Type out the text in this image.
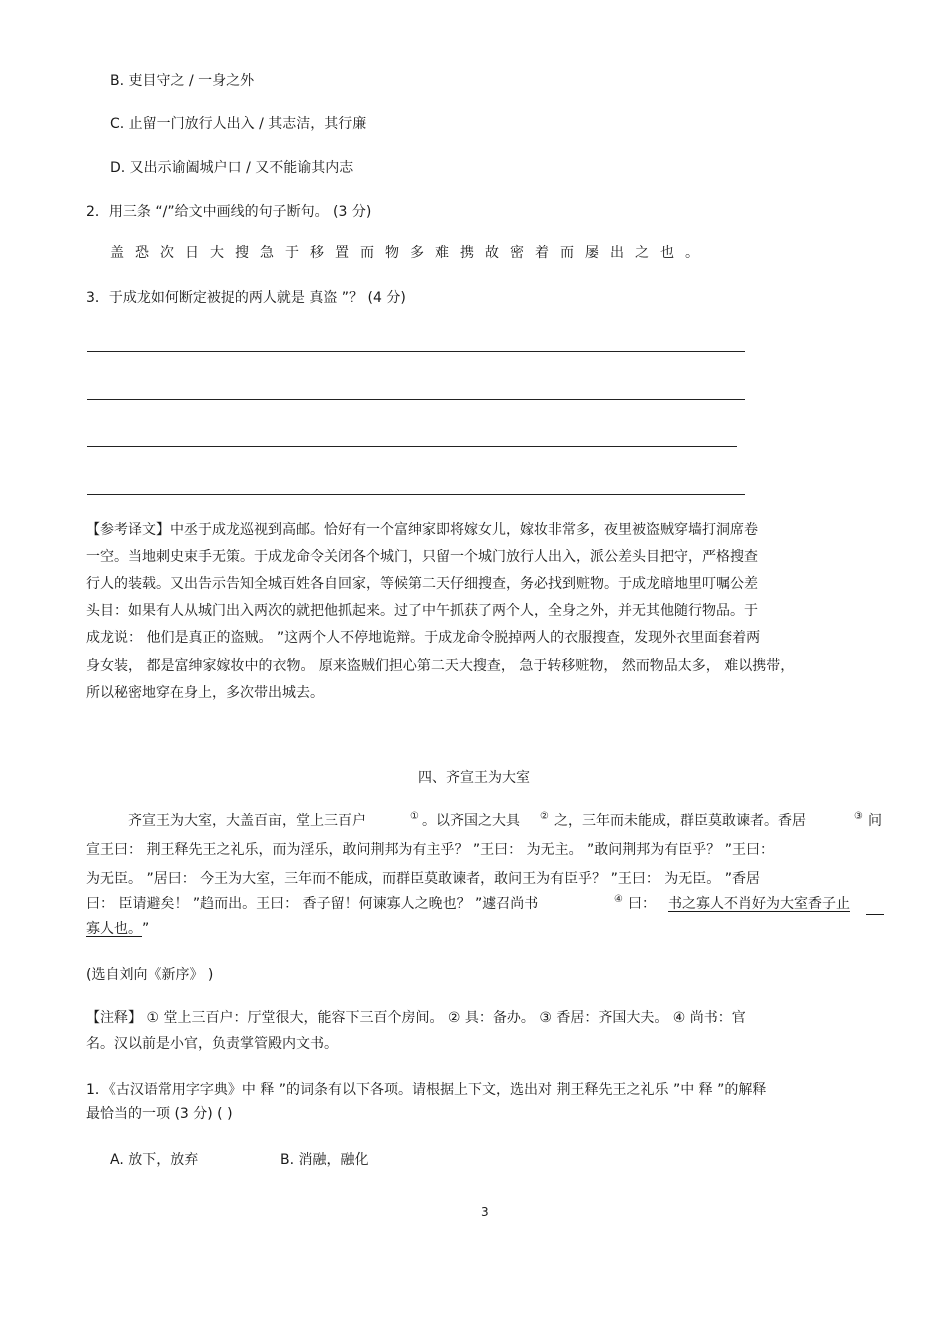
B. 吏目守之 / 一身之外
C. 止留一门放行人出入 / 其志洁，其行廉
D. 又出示谕阖城户口 / 又不能谕其内志
2．用三条 “/”给文中画线的句子断句。 (3 分)
盖恐次日大搜急于移置而物多难携故密着而屡出之也。
3．于成龙如何断定被捉的两人就是 真盗 ”？ (4 分)
【参考译文】中丞于成龙巡视到高邮。恰好有一个富绅家即将嫁女儿，嫁妆非常多，夜里被盗贼穿墙打洞席卷
一空。当地刺史束手无策。于成龙命令关闭各个城门，只留一个城门放行人出入，派公差头目把守，严格搜查
行人的装载。又出告示告知全城百姓各自回家，等候第二天仔细搜查，务必找到赃物。于成龙暗地里叮嘱公差
头目：如果有人从城门出入两次的就把他抓起来。过了中午抓获了两个人，全身之外，并无其他随行物品。于
成龙说： 他们是真正的盗贼。 ”这两个人不停地诡辩。于成龙命令脱掉两人的衣服搜查，发现外衣里面套着两
身女装， 都是富绅家嫁妆中的衣物。 原来盗贼们担心第二天大搜查， 急于转移赃物， 然而物品太多， 难以携带，
所以秘密地穿在身上，多次带出城去。
四、齐宣王为大室
齐宣王为大室，大盖百亩，堂上三百户	① 。以齐国之大具 ② 之，三年而未能成，群臣莫敢谏者。香居	③ 问
宣王曰： 荆王释先王之礼乐，而为淫乐，敢问荆邦为有主乎？ ”王曰： 为无主。 ”敢问荆邦为有臣乎？ ”王曰：
为无臣。 ”居曰： 今王为大室，三年而不能成，而群臣莫敢谏者，敢问王为有臣乎？ ”王曰： 为无臣。 ”香居
曰： 臣请避矣！ ”趋而出。王曰： 香子留！何谏寡人之晚也？ ”遽召尚书	④ 曰： 书之寡人不肖好为大室香子止
寡人也。 ”
(选自刘向《新序》 )
【注释】 ① 堂上三百户：厅堂很大，能容下三百个房间。 ② 具：备办。 ③ 香居：齐国大夫。 ④ 尚书：官
名。汉以前是小官，负责掌管殿内文书。
1．《古汉语常用字字典》中 释 ”的词条有以下各项。请根据上下文，选出对 荆王释先王之礼乐 ”中 释 ”的解释
最恰当的一项 (3 分) ( )
A. 放下，放弃	B. 消融，融化
3
